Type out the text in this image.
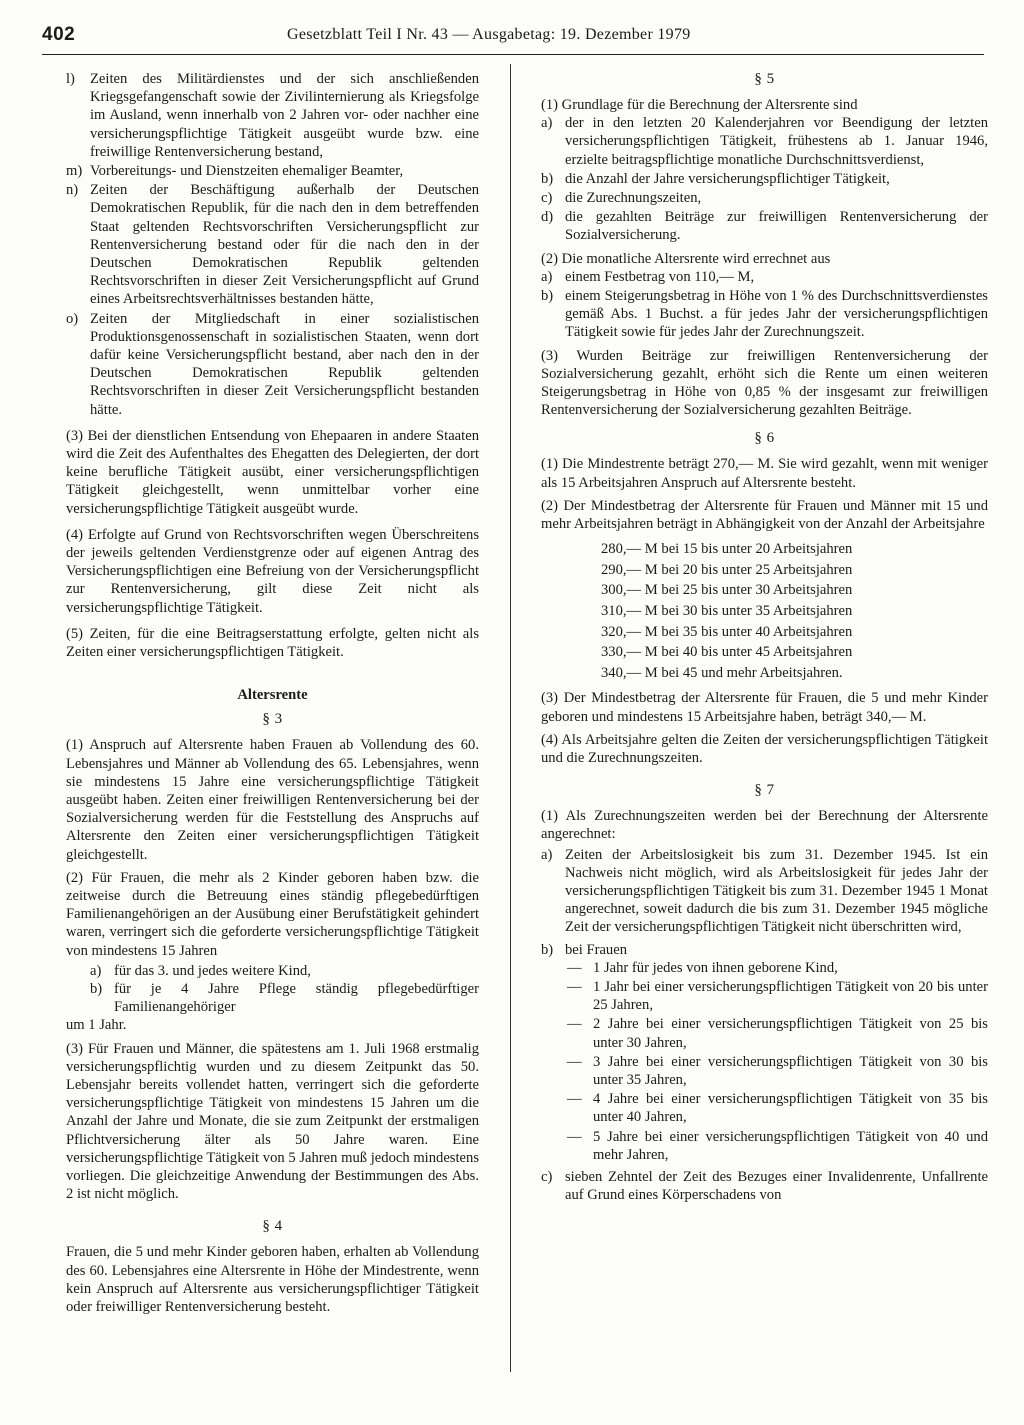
402	Gesetzblatt Teil I Nr. 43 — Ausgabetag: 19. Dezember 1979
l) Zeiten des Militärdienstes und der sich anschließenden Kriegsgefangenschaft sowie der Zivilinternierung als Kriegsfolge im Ausland, wenn innerhalb von 2 Jahren vor- oder nachher eine versicherungspflichtige Tätigkeit ausgeübt wurde bzw. eine freiwillige Rentenversicherung bestand,
m) Vorbereitungs- und Dienstzeiten ehemaliger Beamter,
n) Zeiten der Beschäftigung außerhalb der Deutschen Demokratischen Republik, für die nach den in dem betreffenden Staat geltenden Rechtsvorschriften Versicherungspflicht zur Rentenversicherung bestand oder für die nach den in der Deutschen Demokratischen Republik geltenden Rechtsvorschriften in dieser Zeit Versicherungspflicht auf Grund eines Arbeitsrechtsverhältnisses bestanden hätte,
o) Zeiten der Mitgliedschaft in einer sozialistischen Produktionsgenossenschaft in sozialistischen Staaten, wenn dort dafür keine Versicherungspflicht bestand, aber nach den in der Deutschen Demokratischen Republik geltenden Rechtsvorschriften in dieser Zeit Versicherungspflicht bestanden hätte.

(3) Bei der dienstlichen Entsendung von Ehepaaren in andere Staaten wird die Zeit des Aufenthaltes des Ehegatten des Delegierten, der dort keine berufliche Tätigkeit ausübt, einer versicherungspflichtigen Tätigkeit gleichgestellt, wenn unmittelbar vorher eine versicherungspflichtige Tätigkeit ausgeübt wurde.

(4) Erfolgte auf Grund von Rechtsvorschriften wegen Überschreitens der jeweils geltenden Verdienstgrenze oder auf eigenen Antrag des Versicherungspflichtigen eine Befreiung von der Versicherungspflicht zur Rentenversicherung, gilt diese Zeit nicht als versicherungspflichtige Tätigkeit.

(5) Zeiten, für die eine Beitragserstattung erfolgte, gelten nicht als Zeiten einer versicherungspflichtigen Tätigkeit.

Altersrente
§ 3

(1) Anspruch auf Altersrente haben Frauen ab Vollendung des 60. Lebensjahres und Männer ab Vollendung des 65. Lebensjahres, wenn sie mindestens 15 Jahre eine versicherungspflichtige Tätigkeit ausgeübt haben. Zeiten einer freiwilligen Rentenversicherung bei der Sozialversicherung werden für die Feststellung des Anspruchs auf Altersrente den Zeiten einer versicherungspflichtigen Tätigkeit gleichgestellt.

(2) Für Frauen, die mehr als 2 Kinder geboren haben bzw. die zeitweise durch die Betreuung eines ständig pflegebedürftigen Familienangehörigen an der Ausübung einer Berufstätigkeit gehindert waren, verringert sich die geforderte versicherungspflichtige Tätigkeit von mindestens 15 Jahren

a) für das 3. und jedes weitere Kind,
b) für je 4 Jahre Pflege ständig pflegebedürftiger Familienangehöriger
um 1 Jahr.

(3) Für Frauen und Männer, die spätestens am 1. Juli 1968 erstmalig versicherungspflichtig wurden und zu diesem Zeitpunkt das 50. Lebensjahr bereits vollendet hatten, verringert sich die geforderte versicherungspflichtige Tätigkeit von mindestens 15 Jahren um die Anzahl der Jahre und Monate, die sie zum Zeitpunkt der erstmaligen Pflichtversicherung älter als 50 Jahre waren. Eine versicherungspflichtige Tätigkeit von 5 Jahren muß jedoch mindestens vorliegen. Die gleichzeitige Anwendung der Bestimmungen des Abs. 2 ist nicht möglich.

§ 4

Frauen, die 5 und mehr Kinder geboren haben, erhalten ab Vollendung des 60. Lebensjahres eine Altersrente in Höhe der Mindestrente, wenn kein Anspruch auf Altersrente aus versicherungspflichtiger Tätigkeit oder freiwilliger Rentenversicherung besteht.

§ 5

(1) Grundlage für die Berechnung der Altersrente sind

a) der in den letzten 20 Kalenderjahren vor Beendigung der letzten versicherungspflichtigen Tätigkeit, frühestens ab 1. Januar 1946, erzielte beitragspflichtige monatliche Durchschnittsverdienst,
b) die Anzahl der Jahre versicherungspflichtiger Tätigkeit,
c) die Zurechnungszeiten,
d) die gezahlten Beiträge zur freiwilligen Rentenversicherung der Sozialversicherung.

(2) Die monatliche Altersrente wird errechnet aus

a) einem Festbetrag von 110,— M,
b) einem Steigerungsbetrag in Höhe von 1 % des Durchschnittsverdienstes gemäß Abs. 1 Buchst. a für jedes Jahr der versicherungspflichtigen Tätigkeit sowie für jedes Jahr der Zurechnungszeit.

(3) Wurden Beiträge zur freiwilligen Rentenversicherung der Sozialversicherung gezahlt, erhöht sich die Rente um einen weiteren Steigerungsbetrag in Höhe von 0,85 % der insgesamt zur freiwilligen Rentenversicherung der Sozialversicherung gezahlten Beiträge.

§ 6

(1) Die Mindestrente beträgt 270,— M. Sie wird gezahlt, wenn mit weniger als 15 Arbeitsjahren Anspruch auf Altersrente besteht.

(2) Der Mindestbetrag der Altersrente für Frauen und Männer mit 15 und mehr Arbeitsjahren beträgt in Abhängigkeit von der Anzahl der Arbeitsjahre

280,— M bei 15 bis unter 20 Arbeitsjahren
290,— M bei 20 bis unter 25 Arbeitsjahren
300,— M bei 25 bis unter 30 Arbeitsjahren
310,— M bei 30 bis unter 35 Arbeitsjahren
320,— M bei 35 bis unter 40 Arbeitsjahren
330,— M bei 40 bis unter 45 Arbeitsjahren
340,— M bei 45 und mehr Arbeitsjahren.

(3) Der Mindestbetrag der Altersrente für Frauen, die 5 und mehr Kinder geboren und mindestens 15 Arbeitsjahre haben, beträgt 340,— M.

(4) Als Arbeitsjahre gelten die Zeiten der versicherungspflichtigen Tätigkeit und die Zurechnungszeiten.

§ 7

(1) Als Zurechnungszeiten werden bei der Berechnung der Altersrente angerechnet:

a) Zeiten der Arbeitslosigkeit bis zum 31. Dezember 1945. Ist ein Nachweis nicht möglich, wird als Arbeitslosigkeit für jedes Jahr der versicherungspflichtigen Tätigkeit bis zum 31. Dezember 1945 1 Monat angerechnet, soweit dadurch die bis zum 31. Dezember 1945 mögliche Zeit der versicherungspflichtigen Tätigkeit nicht überschritten wird,
b) bei Frauen
— 1 Jahr für jedes von ihnen geborene Kind,
— 1 Jahr bei einer versicherungspflichtigen Tätigkeit von 20 bis unter 25 Jahren,
— 2 Jahre bei einer versicherungspflichtigen Tätigkeit von 25 bis unter 30 Jahren,
— 3 Jahre bei einer versicherungspflichtigen Tätigkeit von 30 bis unter 35 Jahren,
— 4 Jahre bei einer versicherungspflichtigen Tätigkeit von 35 bis unter 40 Jahren,
— 5 Jahre bei einer versicherungspflichtigen Tätigkeit von 40 und mehr Jahren,
c) sieben Zehntel der Zeit des Bezuges einer Invalidenrente, Unfallrente auf Grund eines Körperschadens von
